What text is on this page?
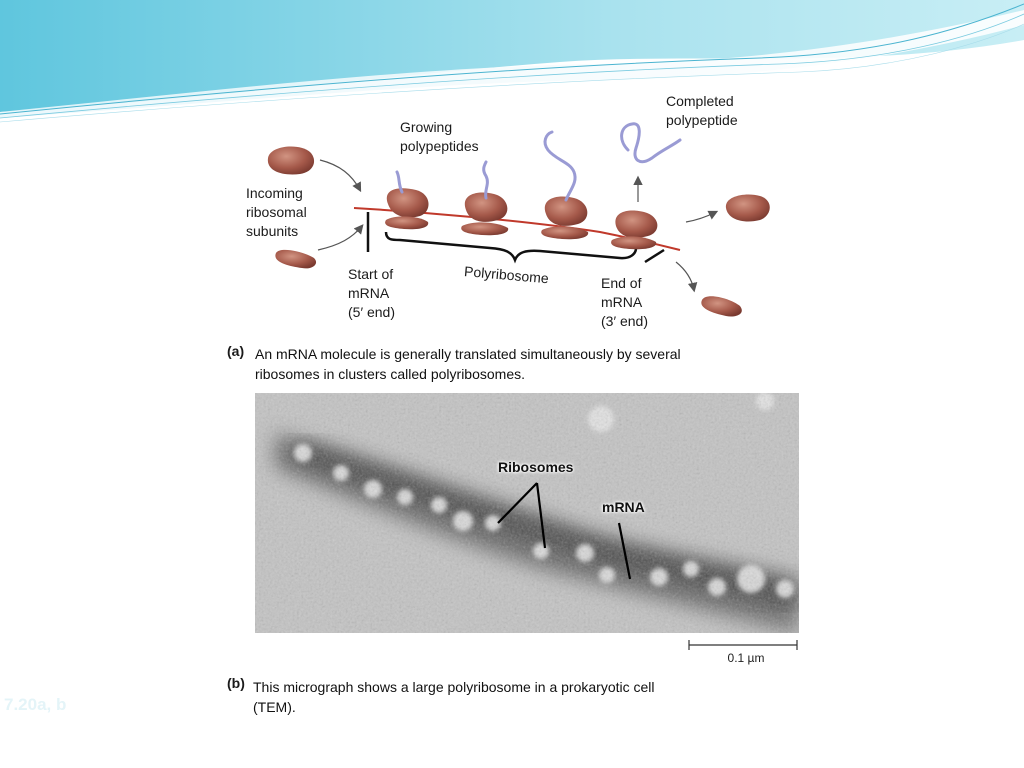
Completed
polypeptide

Growing
polypeptides

Incoming
ribosomal
subunits

Polyribosome

Start of
mRNA
(5′ end)

End of
mRNA
(3′ end)

(a) An mRNA molecule is generally translated simultaneously by several ribosomes in clusters called polyribosomes.

Ribosomes

mRNA

0.1 µm

(b) This micrograph shows a large polyribosome in a prokaryotic cell (TEM).

7.20a, b
